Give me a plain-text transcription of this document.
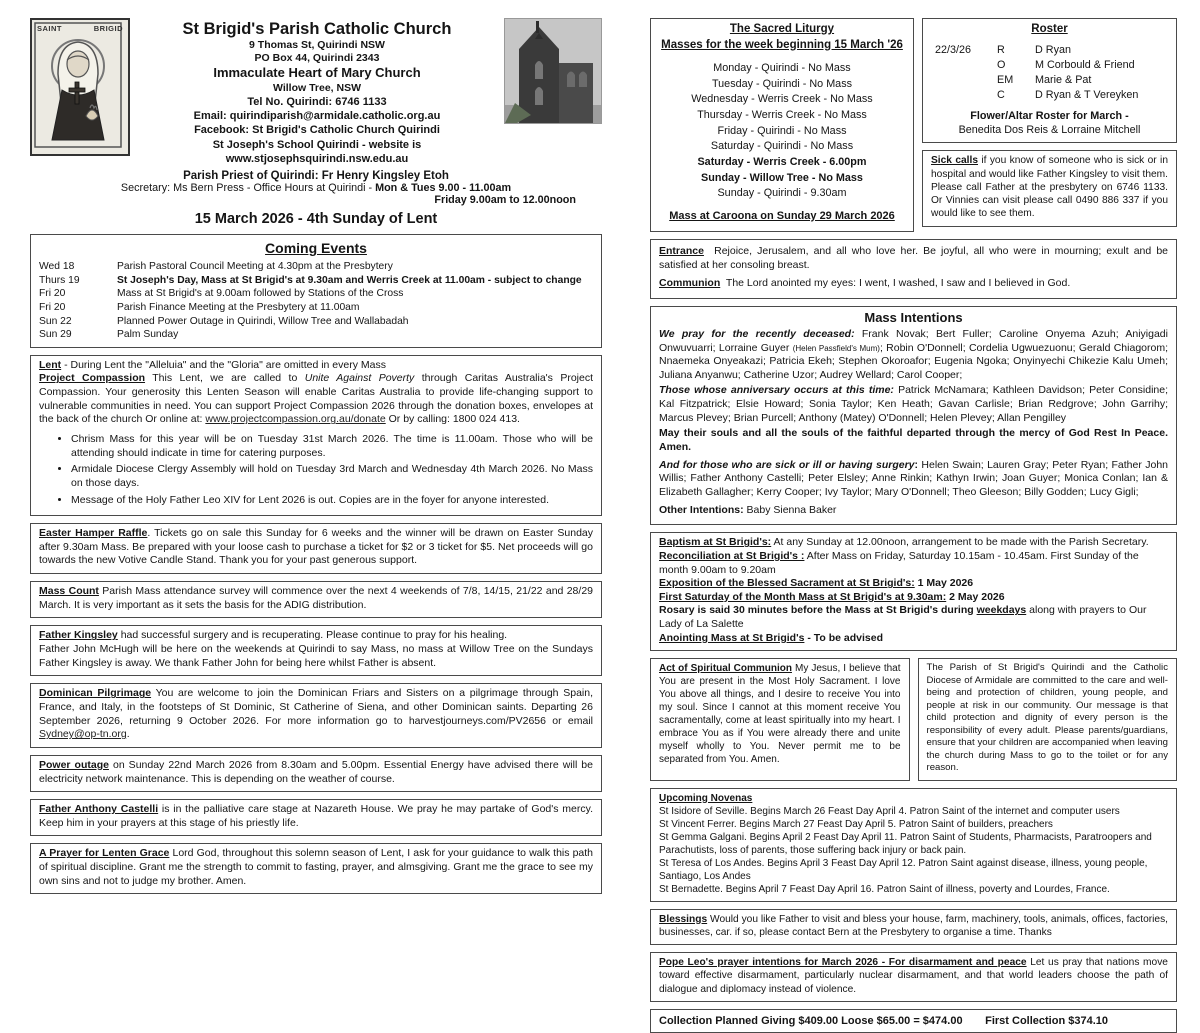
SAINT	BRIGID	St Brigid's Parish Catholic Church
9 Thomas St, Quirindi NSW
PO Box 44, Quirindi 2343
Immaculate Heart of Mary Church
Willow Tree, NSW
Tel No. Quirindi: 6746 1133
Email: quirindiparish@armidale.catholic.org.au
Facebook: St Brigid's Catholic Church Quirindi
St Joseph's School Quirindi - website is
www.stjosephsquirindi.nsw.edu.au
Parish Priest of Quirindi: Fr Henry Kingsley Etoh
Secretary: Ms Bern Press - Office Hours at Quirindi - Mon & Tues 9.00 - 11.00am
Friday 9.00am to 12.00noon
15 March 2026 - 4th Sunday of Lent
Coming Events
Wed 18	Parish Pastoral Council Meeting at 4.30pm at the Presbytery
Thurs 19	St Joseph's Day, Mass at St Brigid's at 9.30am and Werris Creek at 11.00am - subject to change
Fri 20	Mass at St Brigid's at 9.00am followed by Stations of the Cross
Fri 20	Parish Finance Meeting at the Presbytery at 11.00am
Sun 22	Planned Power Outage in Quirindi, Willow Tree and Wallabadah
Sun 29	Palm Sunday

Lent - During Lent the "Alleluia" and the "Gloria" are omitted in every Mass

Project Compassion This Lent, we are called to Unite Against Poverty through Caritas Australia's Project Compassion. Your generosity this Lenten Season will enable Caritas Australia to provide life-changing support to vulnerable communities in need. You can support Project Compassion 2026 through the donation boxes, envelopes at the back of the church Or online at: www.projectcompassion.org.au/donate Or by calling: 1800 024 413.

• Chrism Mass for this year will be on Tuesday 31st March 2026. The time is 11.00am. Those who will be attending should indicate in time for catering purposes.
• Armidale Diocese Clergy Assembly will hold on Tuesday 3rd March and Wednesday 4th March 2026. No Mass on those days.
• Message of the Holy Father Leo XIV for Lent 2026 is out. Copies are in the foyer for anyone interested.

Easter Hamper Raffle. Tickets go on sale this Sunday for 6 weeks and the winner will be drawn on Easter Sunday after 9.30am Mass. Be prepared with your loose cash to purchase a ticket for $2 or 3 ticket for $5. Net proceeds will go towards the new Votive Candle Stand. Thank you for your past generous support.

Mass Count Parish Mass attendance survey will commence over the next 4 weekends of 7/8, 14/15, 21/22 and 28/29 March. It is very important as it sets the basis for the ADIG distribution.

Father Kingsley had successful surgery and is recuperating. Please continue to pray for his healing.

Father John McHugh will be here on the weekends at Quirindi to say Mass, no mass at Willow Tree on the Sundays Father Kingsley is away. We thank Father John for being here whilst Father is absent.

Dominican Pilgrimage You are welcome to join the Dominican Friars and Sisters on a pilgrimage through Spain, France, and Italy, in the footsteps of St Dominic, St Catherine of Siena, and other Dominican saints. Departing 26 September 2026, returning 9 October 2026. For more information go to harvestjourneys.com/PV2656 or email Sydney@op-tn.org.

Power outage on Sunday 22nd March 2026 from 8.30am and 5.00pm. Essential Energy have advised there will be electricity network maintenance. This is depending on the weather of course.

Father Anthony Castelli is in the palliative care stage at Nazareth House. We pray he may partake of God's mercy. Keep him in your prayers at this stage of his priestly life.

A Prayer for Lenten Grace Lord God, throughout this solemn season of Lent, I ask for your guidance to walk this path of spiritual discipline. Grant me the strength to commit to fasting, prayer, and almsgiving. Grant me the grace to see my own sins and not to judge my brother. Amen.

The Sacred Liturgy
Masses for the week beginning 15 March '26
Monday - Quirindi - No Mass
Tuesday - Quirindi - No Mass
Wednesday - Werris Creek - No Mass
Thursday - Werris Creek - No Mass
Friday - Quirindi - No Mass
Saturday - Quirindi - No Mass
Saturday - Werris Creek - 6.00pm
Sunday - Willow Tree - No Mass
Sunday - Quirindi - 9.30am
Mass at Caroona on Sunday 29 March 2026
Roster
22/3/26	R	D Ryan
O	M Corbould & Friend
EM	Marie & Pat
C	D Ryan & T Vereyken
Flower/Altar Roster for March -
Benedita Dos Reis & Lorraine Mitchell

Sick calls if you know of someone who is sick or in hospital and would like Father Kingsley to visit them. Please call Father at the presbytery on 6746 1133. Or Vinnies can visit please call 0490 886 337 if you would like to see them.

Entrance Rejoice, Jerusalem, and all who love her. Be joyful, all who were in mourning; exult and be satisfied at her consoling breast.

Communion The Lord anointed my eyes: I went, I washed, I saw and I believed in God.

Mass Intentions

We pray for the recently deceased: Frank Novak; Bert Fuller; Caroline Onyema Azuh; Aniyigadi Onwuvuarri; Lorraine Guyer (Helen Passfield's Mum); Robin O'Donnell; Cordelia Ugwuezuonu; Gerald Chiagorom; Nnaemeka Onyeakazi; Patricia Ekeh; Stephen Okoroafor; Eugenia Ngoka; Onyinyechi Chikezie Kalu Umeh; Juliana Anyanwu; Catherine Uzor; Audrey Wellard; Carol Cooper;

Those whose anniversary occurs at this time: Patrick McNamara; Kathleen Davidson; Peter Considine; Kal Fitzpatrick; Elsie Howard; Sonia Taylor; Ken Heath; Gavan Carlisle; Brian Redgrove; John Garrihy; Marcus Plevey; Brian Purcell; Anthony (Matey) O'Donnell; Helen Plevey; Allan Pengilley

May their souls and all the souls of the faithful departed through the mercy of God Rest In Peace. Amen.

And for those who are sick or ill or having surgery: Helen Swain; Lauren Gray; Peter Ryan; Father John Willis; Father Anthony Castelli; Peter Elsley; Anne Rinkin; Kathyn Irwin; Joan Guyer; Monica Conlan; Ian & Elizabeth Gallagher; Kerry Cooper; Ivy Taylor; Mary O'Donnell; Theo Gleeson; Billy Godden; Lucy Gigli;

Other Intentions: Baby Sienna Baker

Baptism at St Brigid's: At any Sunday at 12.00noon, arrangement to be made with the Parish Secretary.

Reconciliation at St Brigid's : After Mass on Friday, Saturday 10.15am - 10.45am. First Sunday of the month 9.00am to 9.20am

Exposition of the Blessed Sacrament at St Brigid's: 1 May 2026

First Saturday of the Month Mass at St Brigid's at 9.30am: 2 May 2026

Rosary is said 30 minutes before the Mass at St Brigid's during weekdays along with prayers to Our Lady of La Salette

Anointing Mass at St Brigid's - To be advised

Act of Spiritual Communion My Jesus, I believe that You are present in the Most Holy Sacrament. I love You above all things, and I desire to receive You into my soul. Since I cannot at this moment receive You sacramentally, come at least spiritually into my heart. I embrace You as if You were already there and unite myself wholly to You. Never permit me to be separated from You. Amen.

The Parish of St Brigid's Quirindi and the Catholic Diocese of Armidale are committed to the care and well-being and protection of children, young people, and people at risk in our community. Our message is that child protection and dignity of every person is the responsibility of every adult. Please parents/guardians, ensure that your children are accompanied when leaving the church during Mass to go to the toilet or for any reason.

Upcoming Novenas
St Isidore of Seville. Begins March 26 Feast Day April 4. Patron Saint of the internet and computer users
St Vincent Ferrer. Begins March 27 Feast Day April 5. Patron Saint of builders, preachers
St Gemma Galgani. Begins April 2 Feast Day April 11. Patron Saint of Students, Pharmacists, Paratroopers and Parachutists, loss of parents, those suffering back injury or back pain.
St Teresa of Los Andes. Begins April 3 Feast Day April 12. Patron Saint against disease, illness, young people, Santiago, Los Andes
St Bernadette. Begins April 7 Feast Day April 16. Patron Saint of illness, poverty and Lourdes, France.

Blessings Would you like Father to visit and bless your house, farm, machinery, tools, animals, offices, factories, businesses, car. if so, please contact Bern at the Presbytery to organise a time. Thanks

Pope Leo's prayer intentions for March 2026 - For disarmament and peace Let us pray that nations move toward effective disarmament, particularly nuclear disarmament, and that world leaders choose the path of dialogue and diplomacy instead of violence.

Collection Planned Giving $409.00 Loose $65.00 = $474.00 First Collection $374.10
